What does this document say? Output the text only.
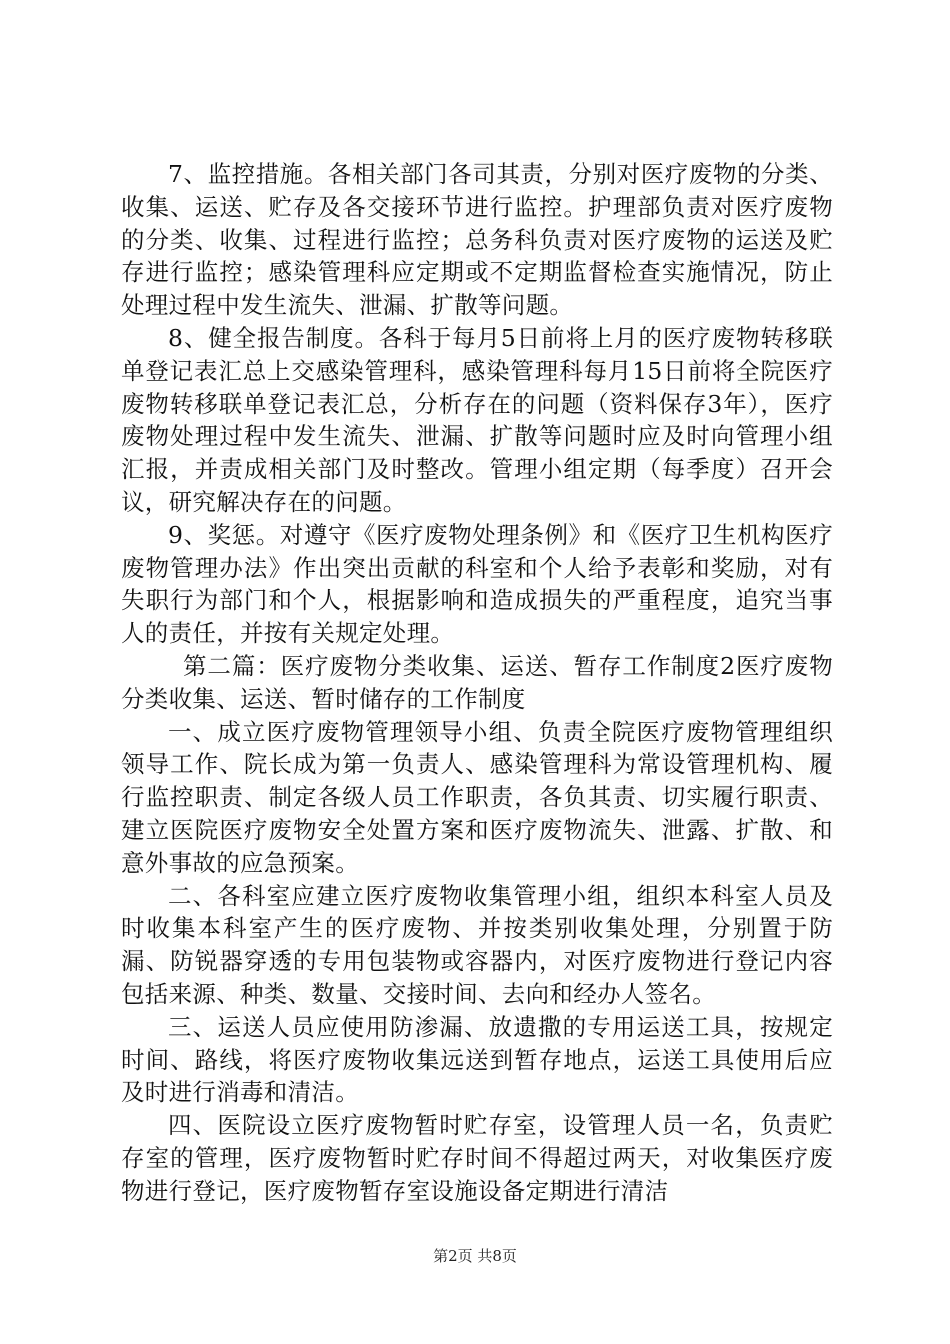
7、监控措施。各相关部门各司其责，分别对医疗废物的分类、收集、运送、贮存及各交接环节进行监控。护理部负责对医疗废物的分类、收集、过程进行监控；总务科负责对医疗废物的运送及贮存进行监控；感染管理科应定期或不定期监督检查实施情况，防止处理过程中发生流失、泄漏、扩散等问题。

8、健全报告制度。各科于每月5日前将上月的医疗废物转移联单登记表汇总上交感染管理科，感染管理科每月15日前将全院医疗废物转移联单登记表汇总，分析存在的问题（资料保存3年），医疗废物处理过程中发生流失、泄漏、扩散等问题时应及时向管理小组汇报，并责成相关部门及时整改。管理小组定期（每季度）召开会议，研究解决存在的问题。

9、奖惩。对遵守《医疗废物处理条例》和《医疗卫生机构医疗废物管理办法》作出突出贡献的科室和个人给予表彰和奖励，对有失职行为部门和个人，根据影响和造成损失的严重程度，追究当事人的责任，并按有关规定处理。

第二篇：医疗废物分类收集、运送、暂存工作制度2医疗废物分类收集、运送、暂时储存的工作制度

一、成立医疗废物管理领导小组、负责全院医疗废物管理组织领导工作、院长成为第一负责人、感染管理科为常设管理机构、履行监控职责、制定各级人员工作职责，各负其责、切实履行职责、建立医院医疗废物安全处置方案和医疗废物流失、泄露、扩散、和意外事故的应急预案。

二、各科室应建立医疗废物收集管理小组，组织本科室人员及时收集本科室产生的医疗废物、并按类别收集处理，分别置于防漏、防锐器穿透的专用包装物或容器内，对医疗废物进行登记内容包括来源、种类、数量、交接时间、去向和经办人签名。

三、运送人员应使用防渗漏、放遗撒的专用运送工具，按规定时间、路线，将医疗废物收集远送到暂存地点，运送工具使用后应及时进行消毒和清洁。

四、医院设立医疗废物暂时贮存室，设管理人员一名，负责贮存室的管理，医疗废物暂时贮存时间不得超过两天，对收集医疗废物进行登记，医疗废物暂存室设施设备定期进行清洁

第2页 共8页
